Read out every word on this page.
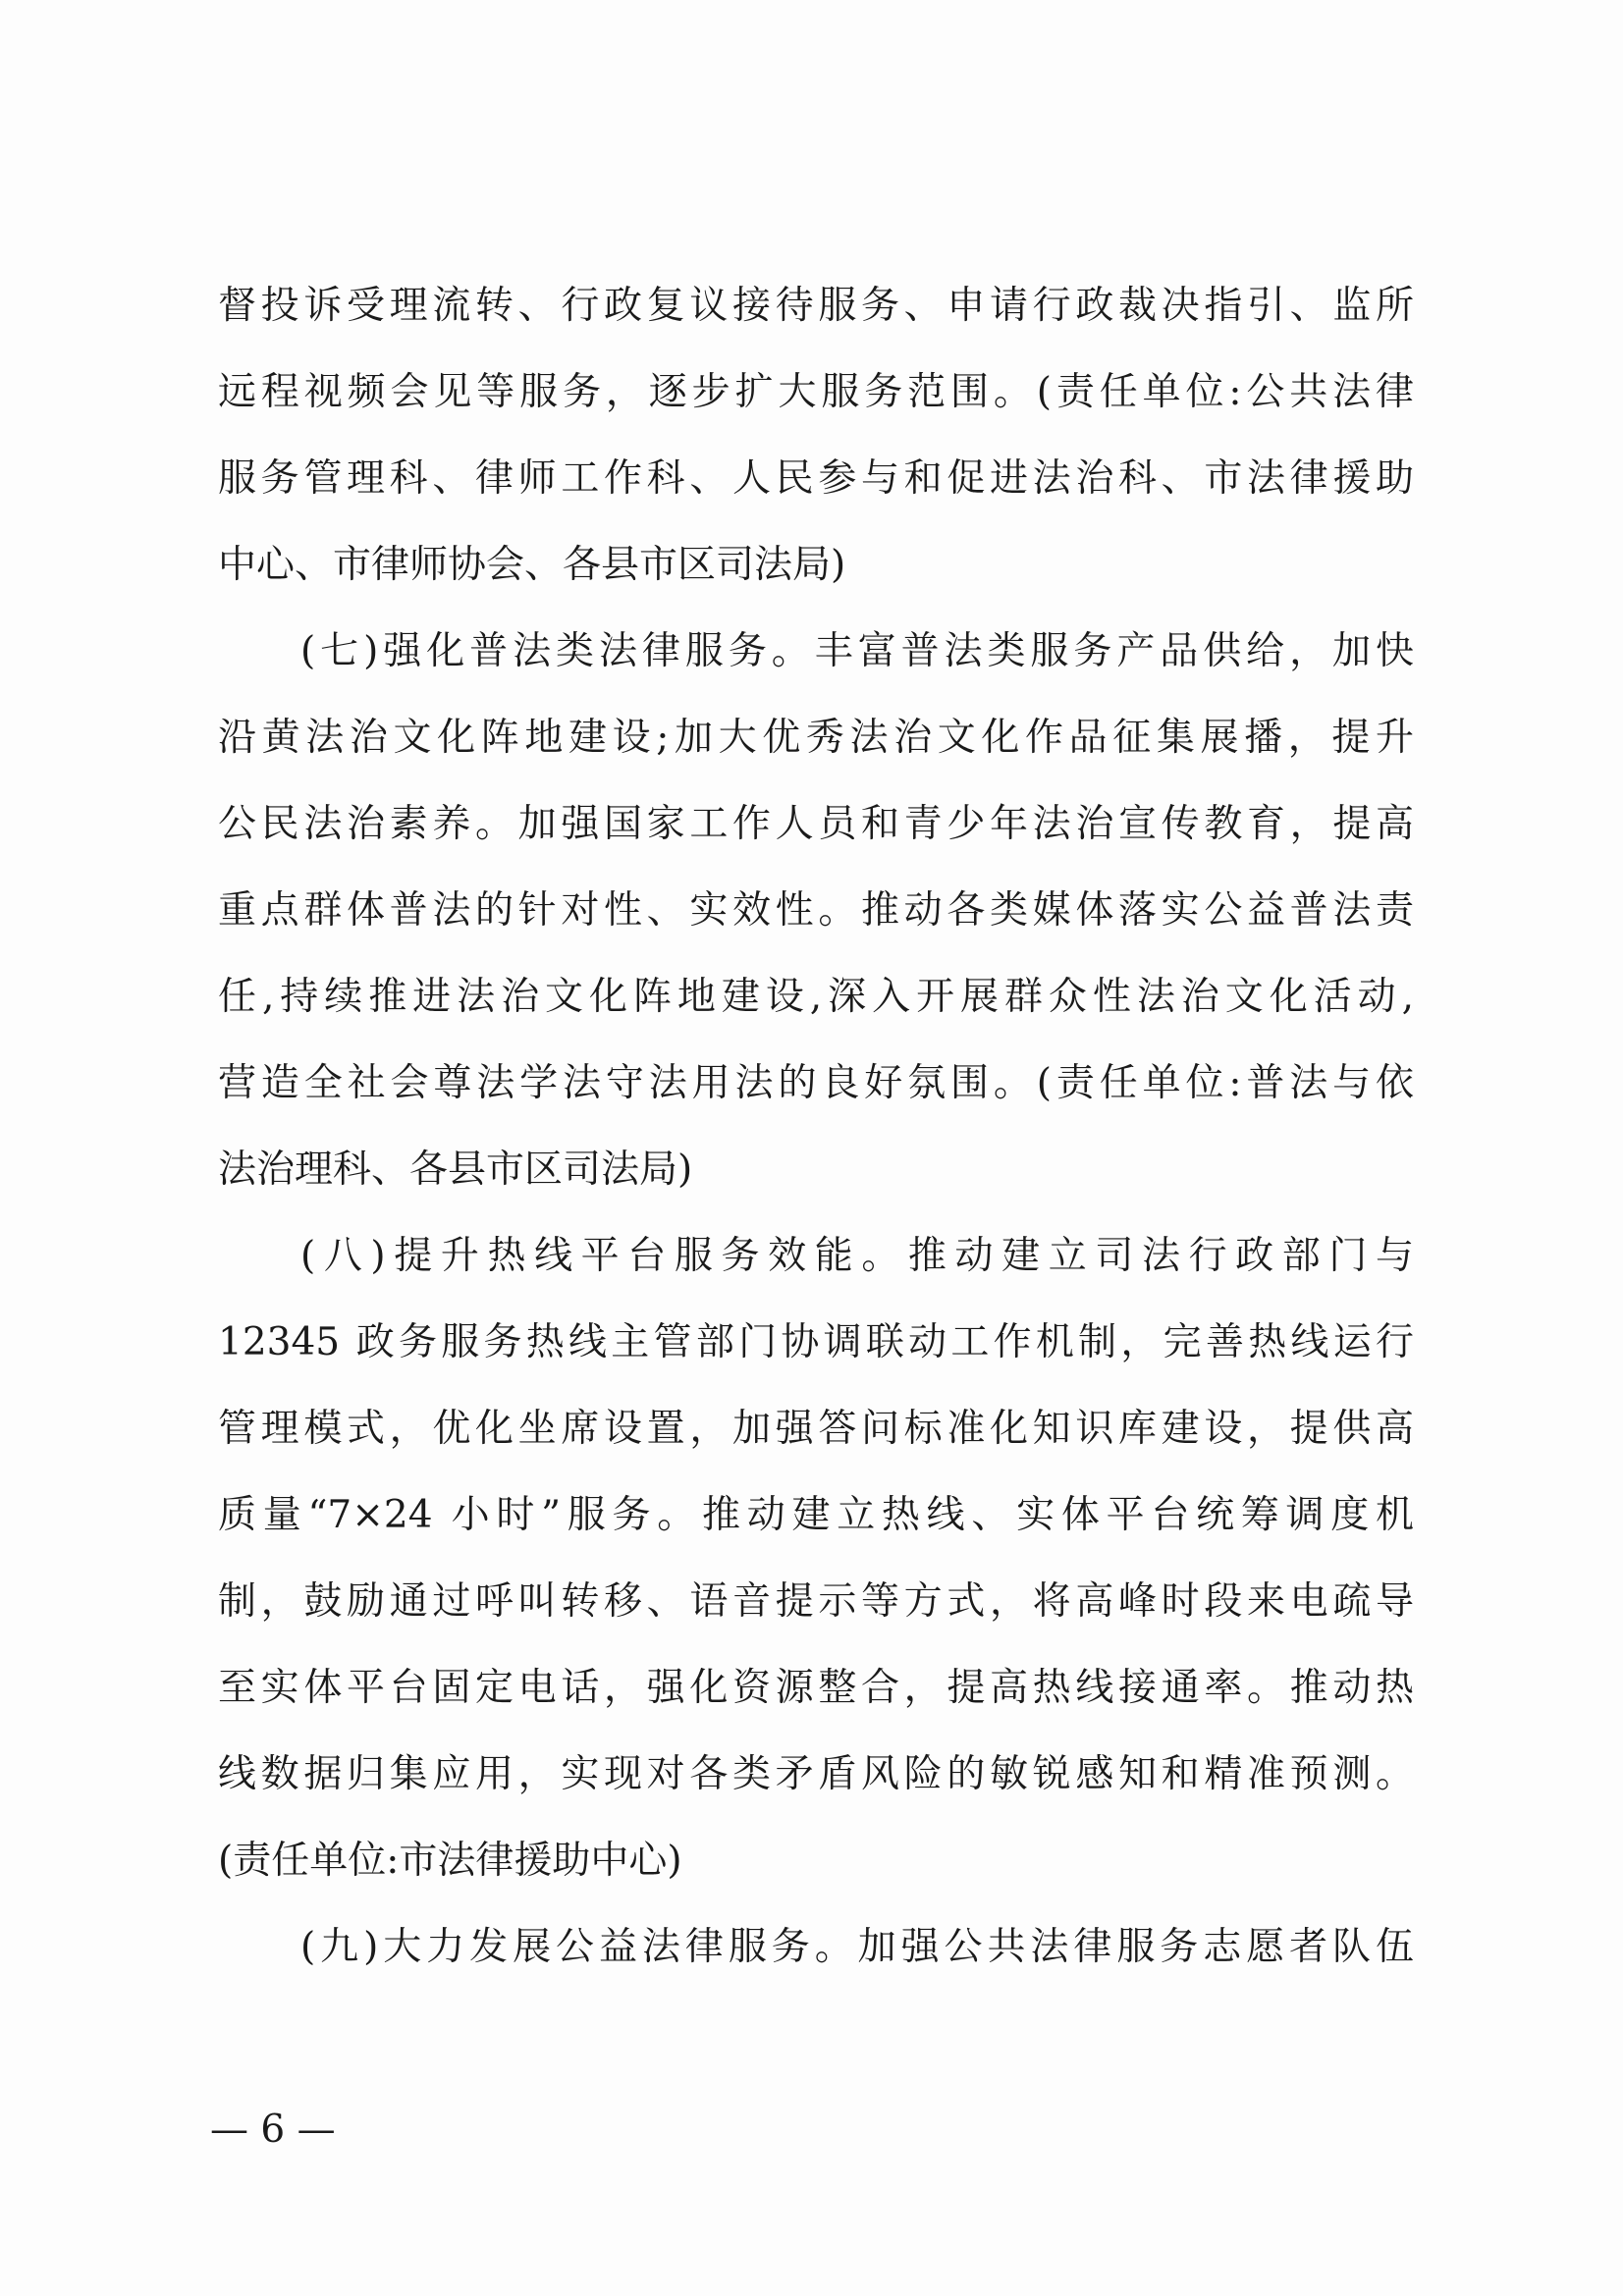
督投诉受理流转、行政复议接待服务、申请行政裁决指引、监所
远程视频会见等服务，逐步扩大服务范围。(责任单位:公共法律
服务管理科、律师工作科、人民参与和促进法治科、市法律援助
中心、市律师协会、各县市区司法局)
(七)强化普法类法律服务。丰富普法类服务产品供给，加快
沿黄法治文化阵地建设;加大优秀法治文化作品征集展播，提升
公民法治素养。加强国家工作人员和青少年法治宣传教育，提高
重点群体普法的针对性、实效性。推动各类媒体落实公益普法责
任,持续推进法治文化阵地建设,深入开展群众性法治文化活动,
营造全社会尊法学法守法用法的良好氛围。(责任单位:普法与依
法治理科、各县市区司法局)
(八)提升热线平台服务效能。推动建立司法行政部门与
12345 政务服务热线主管部门协调联动工作机制，完善热线运行
管理模式，优化坐席设置，加强答问标准化知识库建设，提供高
质量“7×24 小时”服务。推动建立热线、实体平台统筹调度机
制，鼓励通过呼叫转移、语音提示等方式，将高峰时段来电疏导
至实体平台固定电话，强化资源整合，提高热线接通率。推动热
线数据归集应用，实现对各类矛盾风险的敏锐感知和精准预测。
(责任单位:市法律援助中心)
(九)大力发展公益法律服务。加强公共法律服务志愿者队伍
— 6 —
